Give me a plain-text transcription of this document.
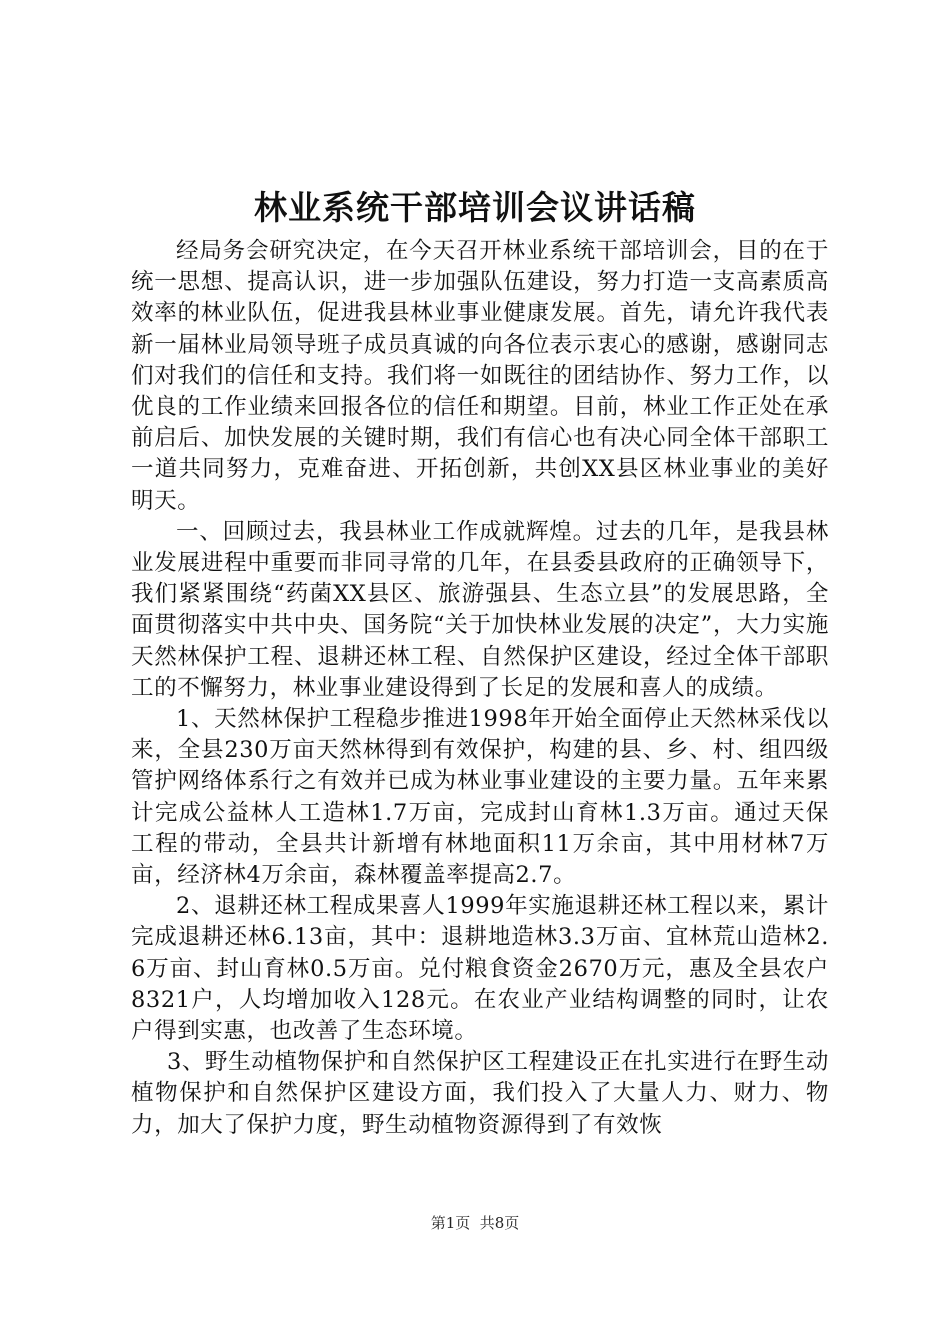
林业系统干部培训会议讲话稿

经局务会研究决定，在今天召开林业系统干部培训会，目的在于统一思想、提高认识，进一步加强队伍建设，努力打造一支高素质高效率的林业队伍，促进我县林业事业健康发展。首先，请允许我代表新一届林业局领导班子成员真诚的向各位表示衷心的感谢，感谢同志们对我们的信任和支持。我们将一如既往的团结协作、努力工作，以优良的工作业绩来回报各位的信任和期望。目前，林业工作正处在承前启后、加快发展的关键时期，我们有信心也有决心同全体干部职工一道共同努力，克难奋进、开拓创新，共创XX县区林业事业的美好明天。

一、回顾过去，我县林业工作成就辉煌。过去的几年，是我县林业发展进程中重要而非同寻常的几年，在县委县政府的正确领导下，我们紧紧围绕“药菌XX县区、旅游强县、生态立县”的发展思路，全面贯彻落实中共中央、国务院“关于加快林业发展的决定”，大力实施天然林保护工程、退耕还林工程、自然保护区建设，经过全体干部职工的不懈努力，林业事业建设得到了长足的发展和喜人的成绩。

1、天然林保护工程稳步推进1998年开始全面停止天然林采伐以来，全县230万亩天然林得到有效保护，构建的县、乡、村、组四级管护网络体系行之有效并已成为林业事业建设的主要力量。五年来累计完成公益林人工造林1.7万亩，完成封山育林1.3万亩。通过天保工程的带动，全县共计新增有林地面积11万余亩，其中用材林7万亩，经济林4万余亩，森林覆盖率提高2.7。

2、退耕还林工程成果喜人1999年实施退耕还林工程以来，累计完成退耕还林6.13亩，其中：退耕地造林3.3万亩、宜林荒山造林2.6万亩、封山育林0.5万亩。兑付粮食资金2670万元，惠及全县农户8321户，人均增加收入128元。在农业产业结构调整的同时，让农户得到实惠，也改善了生态环境。

3、野生动植物保护和自然保护区工程建设正在扎实进行在野生动植物保护和自然保护区建设方面，我们投入了大量人力、财力、物力，加大了保护力度，野生动植物资源得到了有效恢

第1页  共8页
